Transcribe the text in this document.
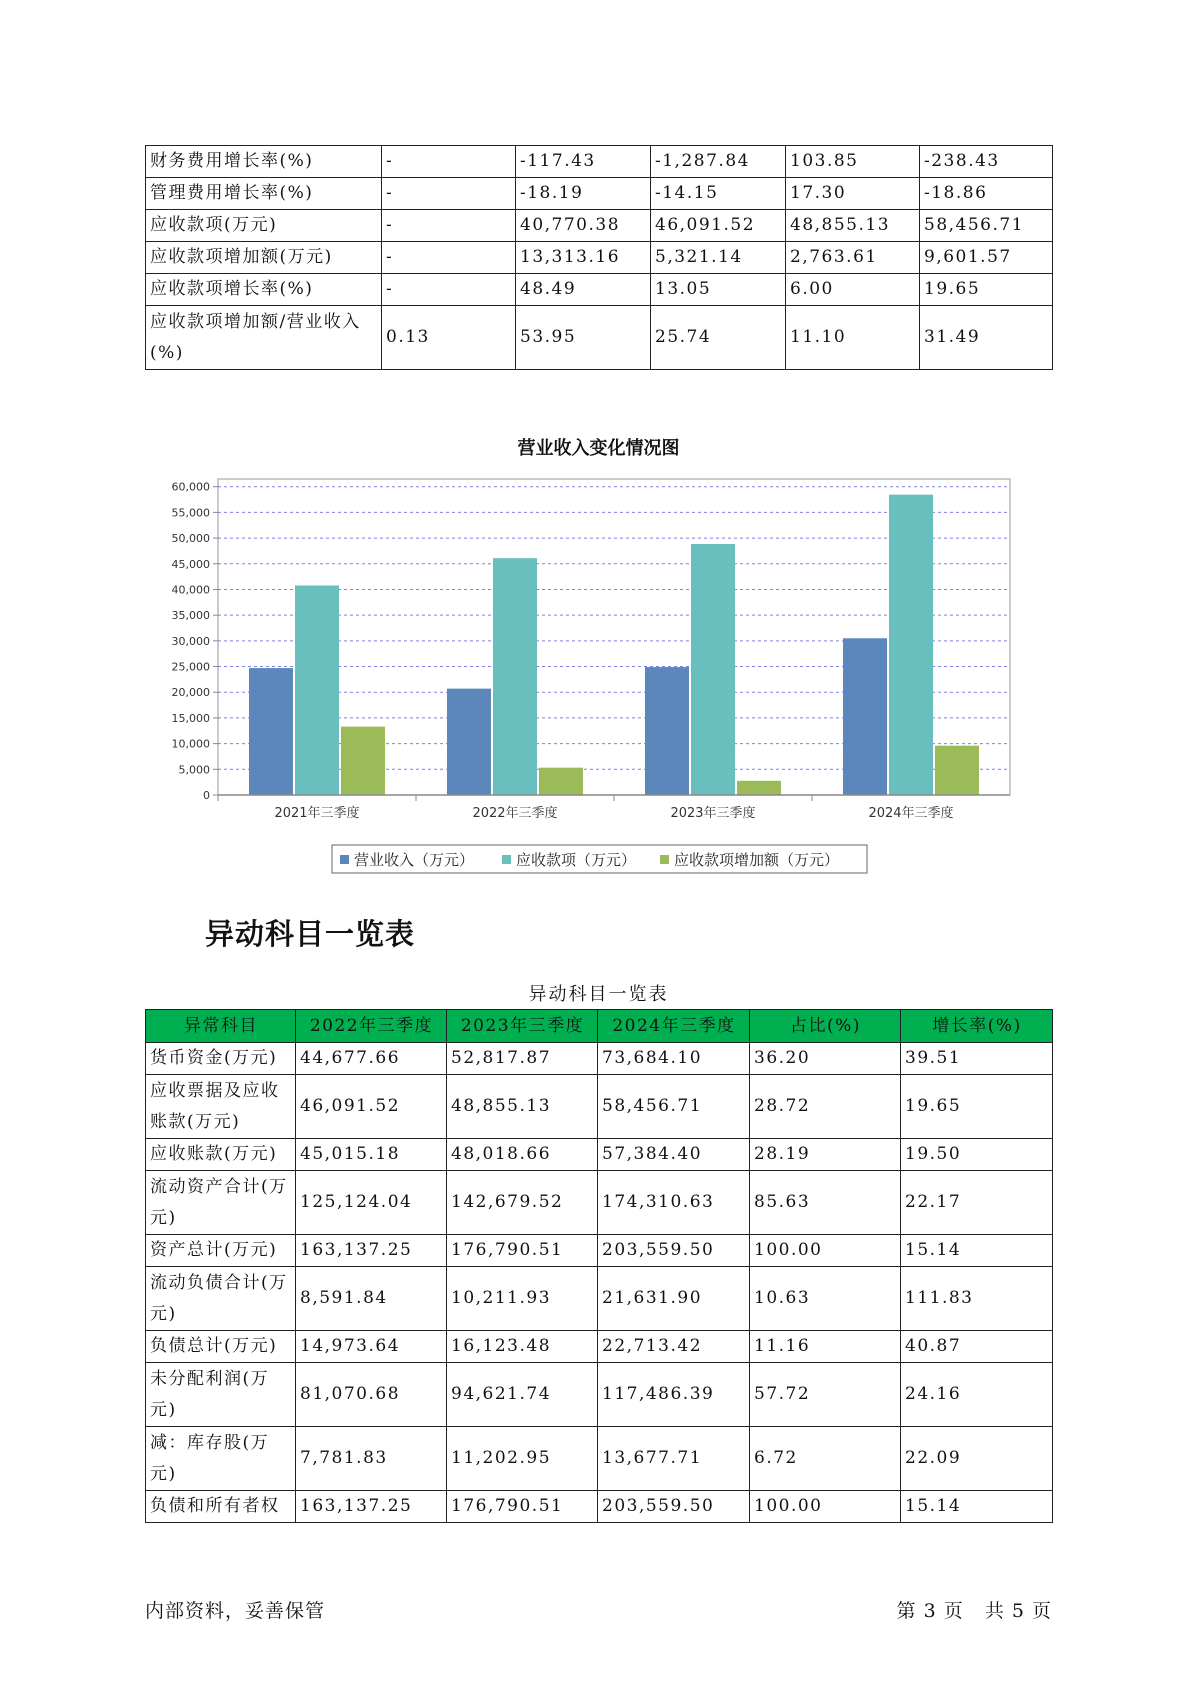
财务费用增长率(%)	-	-117.43	-1,287.84	103.85	-238.43
管理费用增长率(%)	-	-18.19	-14.15	17.30	-18.86
应收款项(万元)	-	40,770.38	46,091.52	48,855.13	58,456.71
应收款项增加额(万元)	-	13,313.16	5,321.14	2,763.61	9,601.57
应收款项增长率(%)	-	48.49	13.05	6.00	19.65
应收款项增加额/营业收入(%)	0.13	53.95	25.74	11.10	31.49
营业收入变化情况图
0
5,000
10,000
15,000
20,000
25,000
30,000
35,000
40,000
45,000
50,000
55,000
60,000
2021年三季度	2022年三季度	2023年三季度	2024年三季度
营业收入（万元）	应收款项（万元）	应收款项增加额（万元）
异动科目一览表
异动科目一览表
异常科目	2022年三季度	2023年三季度	2024年三季度	占比(%)	增长率(%)
货币资金(万元)	44,677.66	52,817.87	73,684.10	36.20	39.51
应收票据及应收账款(万元)	46,091.52	48,855.13	58,456.71	28.72	19.65
应收账款(万元)	45,015.18	48,018.66	57,384.40	28.19	19.50
流动资产合计(万元)	125,124.04	142,679.52	174,310.63	85.63	22.17
资产总计(万元)	163,137.25	176,790.51	203,559.50	100.00	15.14
流动负债合计(万元)	8,591.84	10,211.93	21,631.90	10.63	111.83
负债总计(万元)	14,973.64	16,123.48	22,713.42	11.16	40.87
未分配利润(万元)	81,070.68	94,621.74	117,486.39	57.72	24.16
减：库存股(万元)	7,781.83	11,202.95	13,677.71	6.72	22.09
负债和所有者权	163,137.25	176,790.51	203,559.50	100.00	15.14
内部资料，妥善保管	第 3 页   共 5 页
